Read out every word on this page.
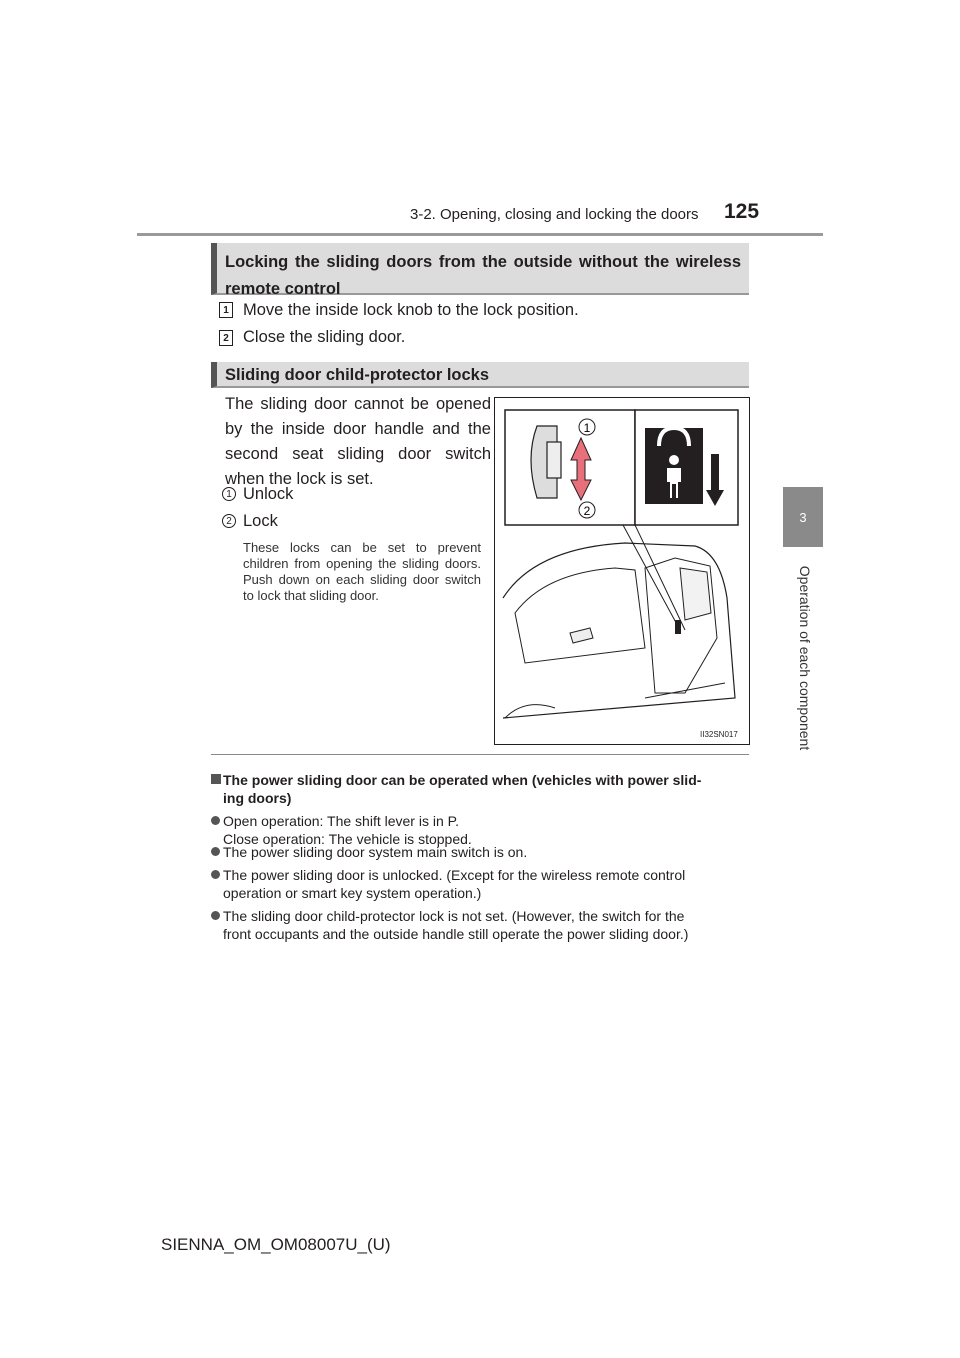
3-2. Opening, closing and locking the doors 125
3
Operation of each component
Locking the sliding doors from the outside without the wireless
remote control
1 Move the inside lock knob to the lock position.
2 Close the sliding door.
Sliding door child-protector locks
The sliding door cannot be opened by the inside door handle and the second seat sliding door switch when the lock is set.
1 Unlock
2 Lock
These locks can be set to prevent children from opening the sliding doors. Push down on each sliding door switch to lock that sliding door.
1
2
II32SN017
The power sliding door can be operated when (vehicles with power slid-
ing doors)
Open operation: The shift lever is in P.
Close operation: The vehicle is stopped.
The power sliding door system main switch is on.
The power sliding door is unlocked. (Except for the wireless remote control
operation or smart key system operation.)
The sliding door child-protector lock is not set. (However, the switch for the
front occupants and the outside handle still operate the power sliding door.)
SIENNA_OM_OM08007U_(U)
